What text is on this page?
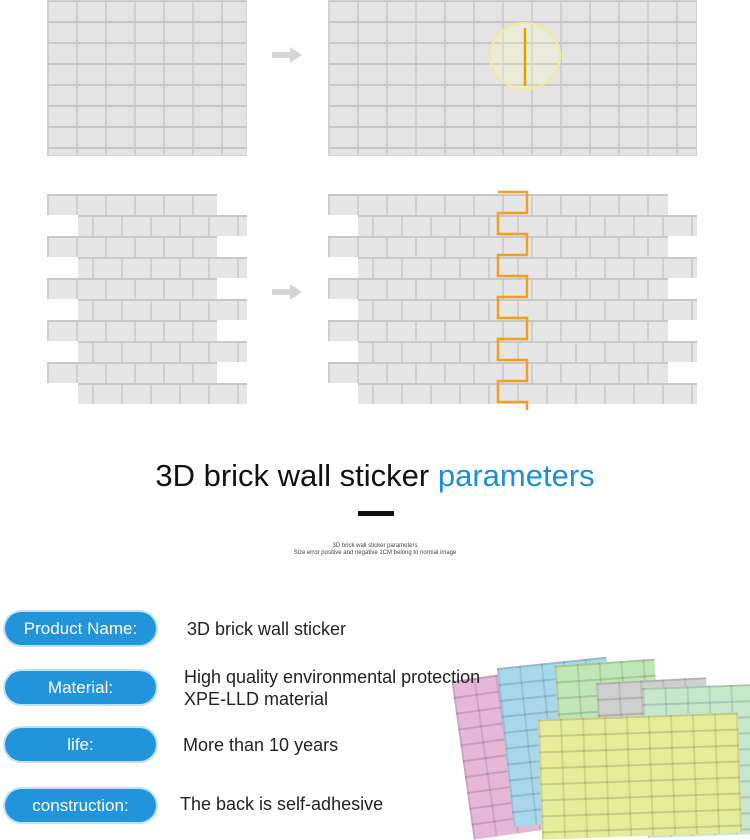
3D brick wall sticker parameters
3D brick wall sticker parameters
Size error positive and negative 1CM belong to normal image
Product Name:	3D brick wall sticker
Material:
High quality environmental protection
XPE-LLD material
life:	More than 10 years
construction:	The back is self-adhesive
